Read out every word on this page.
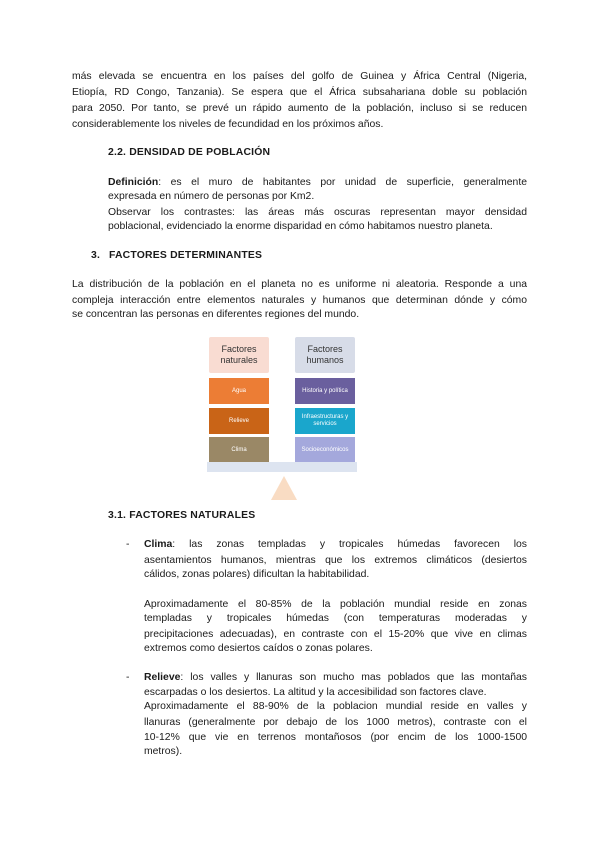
más elevada se encuentra en los países del golfo de Guinea y África Central (Nigeria,

Etiopía, RD Congo, Tanzania). Se espera que el África subsahariana doble su población

para 2050. Por tanto, se prevé un rápido aumento de la población, incluso si se reducen

considerablemente los niveles de fecundidad en los próximos años.

2.2. DENSIDAD DE POBLACIÓN

Definición: es el muro de habitantes por unidad de superficie, generalmente

expresada en número de personas por Km2.

Observar los contrastes: las áreas más oscuras representan mayor densidad

poblacional, evidenciado la enorme disparidad en cómo habitamos nuestro planeta.

3. FACTORES DETERMINANTES

La distribución de la población en el planeta no es uniforme ni aleatoria. Responde a una

compleja interacción entre elementos naturales y humanos que determinan dónde y cómo

se concentran las personas en diferentes regiones del mundo.

Factores naturales
Factores humanos
Agua
Relieve
Clima
Historia y política
Infraestructuras y servicios
Socioeconómicos
3.1. FACTORES NATURALES
-	Clima: las zonas templadas y tropicales húmedas favorecen los

asentamientos humanos, mientras que los extremos climáticos (desiertos

cálidos, zonas polares) dificultan la habitabilidad.

Aproximadamente el 80-85% de la población mundial reside en zonas

templadas y tropicales húmedas (con temperaturas moderadas y

precipitaciones adecuadas), en contraste con el 15-20% que vive en climas

extremos como desiertos caídos o zonas polares.

-	Relieve: los valles y llanuras son mucho mas poblados que las montañas

escarpadas o los desiertos. La altitud y la accesibilidad son factores clave.

Aproximadamente el 88-90% de la poblacion mundial reside en valles y

llanuras (generalmente por debajo de los 1000 metros), contraste con el

10-12% que vie en terrenos montañosos (por encim de los 1000-1500

metros).
